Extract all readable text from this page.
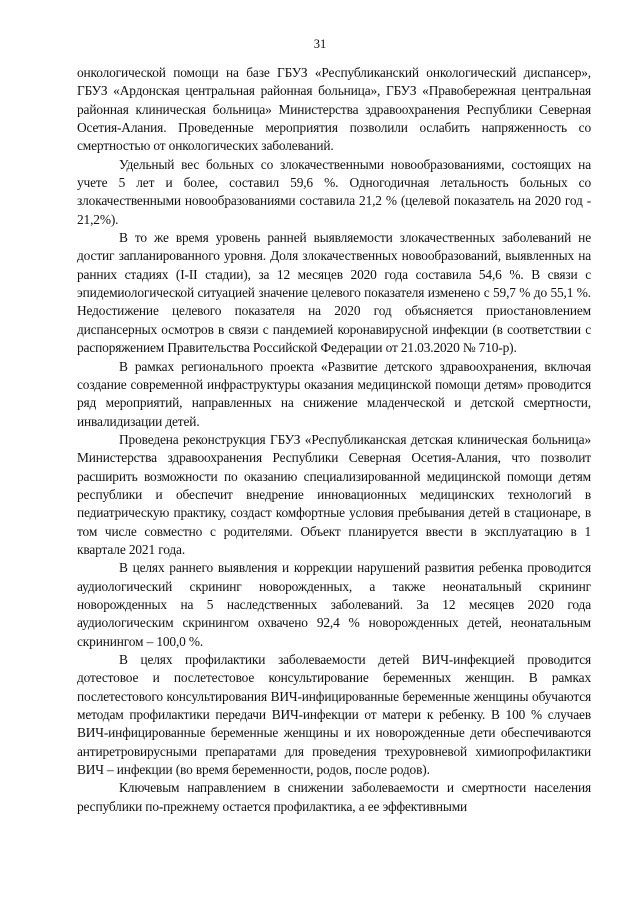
31

онкологической помощи на базе ГБУЗ «Республиканский онкологический диспансер», ГБУЗ «Ардонская центральная районная больница», ГБУЗ «Правобережная центральная районная клиническая больница» Министерства здравоохранения Республики Северная Осетия-Алания. Проведенные мероприятия позволили ослабить напряженность со смертностью от онкологических заболеваний.

Удельный вес больных со злокачественными новообразованиями, состоящих на учете 5 лет и более, составил 59,6 %. Одногодичная летальность больных со злокачественными новообразованиями составила 21,2 % (целевой показатель на 2020 год - 21,2%).

В то же время уровень ранней выявляемости злокачественных заболеваний не достиг запланированного уровня. Доля злокачественных новообразований, выявленных на ранних стадиях (I-II стадии), за 12 месяцев 2020 года составила 54,6 %. В связи с эпидемиологической ситуацией значение целевого показателя изменено с 59,7 % до 55,1 %. Недостижение целевого показателя на 2020 год объясняется приостановлением диспансерных осмотров в связи с пандемией коронавирусной инфекции (в соответствии с распоряжением Правительства Российской Федерации от 21.03.2020 № 710-р).

В рамках регионального проекта «Развитие детского здравоохранения, включая создание современной инфраструктуры оказания медицинской помощи детям» проводится ряд мероприятий, направленных на снижение младенческой и детской смертности, инвалидизации детей.

Проведена реконструкция ГБУЗ «Республиканская детская клиническая больница» Министерства здравоохранения Республики Северная Осетия-Алания, что позволит расширить возможности по оказанию специализированной медицинской помощи детям республики и обеспечит внедрение инновационных медицинских технологий в педиатрическую практику, создаст комфортные условия пребывания детей в стационаре, в том числе совместно с родителями. Объект планируется ввести в эксплуатацию в 1 квартале 2021 года.

В целях раннего выявления и коррекции нарушений развития ребенка проводится аудиологический скрининг новорожденных, а также неонатальный скрининг новорожденных на 5 наследственных заболеваний. За 12 месяцев 2020 года аудиологическим скринингом охвачено 92,4 % новорожденных детей, неонатальным скринингом – 100,0 %.

В целях профилактики заболеваемости детей ВИЧ-инфекцией проводится дотестовое и послетестовое консультирование беременных женщин. В рамках послетестового консультирования ВИЧ-инфицированные беременные женщины обучаются методам профилактики передачи ВИЧ-инфекции от матери к ребенку. В 100 % случаев ВИЧ-инфицированные беременные женщины и их новорожденные дети обеспечиваются антиретровирусными препаратами для проведения трехуровневой химиопрофилактики ВИЧ – инфекции (во время беременности, родов, после родов).

Ключевым направлением в снижении заболеваемости и смертности населения республики по-прежнему остается профилактика, а ее эффективными
